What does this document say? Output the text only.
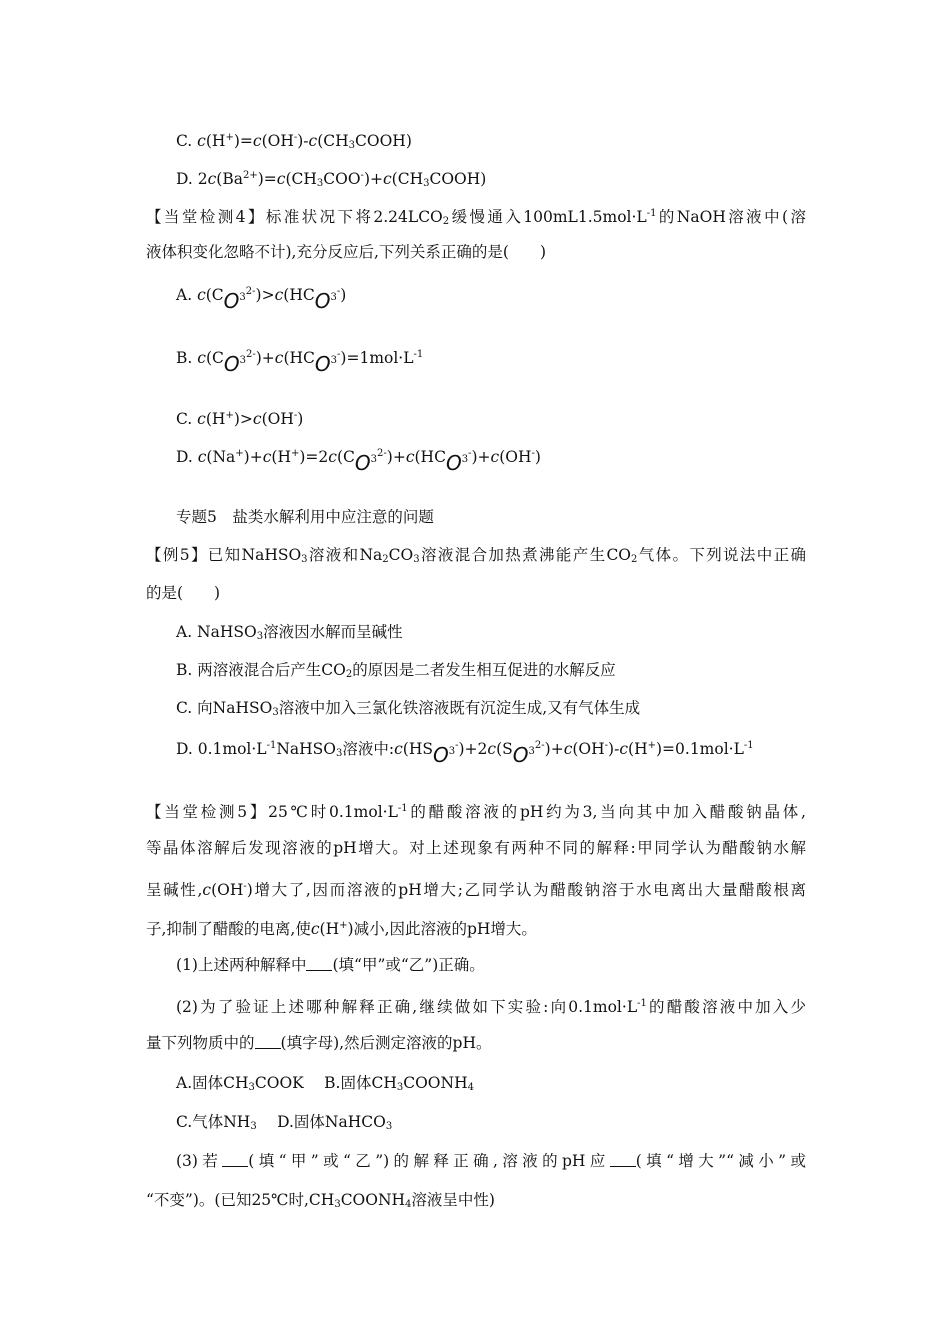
C. $c(H^+)=c(OH^-)-c(CH_3COOH)$
D. $2c(Ba^{2+})=c(CH_3COO^-)+c(CH_3COOH)$
【当堂检测4】标准状况下将$2.24LCO_2$缓慢通入$100mL1.5mol\cdot L^{-1}$的NaOH溶液中(溶
液体积变化忽略不计),充分反应后,下列关系正确的是(　　)
A. $c(CO3^{2-})>c(HCO3^-)$
B. $c(CO3^{2-})+c(HCO3^-)=1mol\cdot L^{-1}$
C. c(H+)>c(OH-)
D. $c(Na^+)+c(H^+)=2c(CO3^{2-})+c(HCO3^-)+c(OH^-)$
专题5　盐类水解利用中应注意的问题
【例5】已知NaHSO$_3$溶液和$Na_2CO_3$溶液混合加热煮沸能产生$CO_2$气体。下列说法中正确
的是(　　)
A. NaHSO$_3$溶液因水解而呈碱性
B. 两溶液混合后产生$CO_2$的原因是二者发生相互促进的水解反应
C. 向NaHSO$_3$溶液中加入三氯化铁溶液既有沉淀生成,又有气体生成
D. $0.1mol\cdot L^{-1}NaHSO_3$溶液中$:c(HSO3^-)+2c(SO3^{2-})+c(OH^-)-c(H^+)=0.1mol\cdot L^{-1}$
【当堂检测5】25℃时$0.1mol\cdot L^{-1}$的醋酸溶液的pH约为3,当向其中加入醋酸钠晶体,
等晶体溶解后发现溶液的pH增大。对上述现象有两种不同的解释:甲同学认为醋酸钠水解
呈碱性,c(OH-)增大了,因而溶液的pH增大;乙同学认为醋酸钠溶于水电离出大量醋酸根离
子,抑制了醋酸的电离,使c(H+)减小,因此溶液的pH增大。
(1)上述两种解释中 (填“甲”或“乙”)正确。
(2)为了验证上述哪种解释正确,继续做如下实验:向$0.1mol\cdot L^{-1}$的醋酸溶液中加入少
量下列物质中的 (填字母),然后测定溶液的pH。
A.固体$CH_3COOK$　 B.固体$CH_3COONH_4$
C.气体$NH_3$　 D.固体NaHCO$_3$
(3)若 (填“甲”或“乙”)的解释正确,溶液的pH应 (填“增大”“减小”或
“不变”)。(已知25℃时$,CH_3COONH_4$溶液呈中性)
